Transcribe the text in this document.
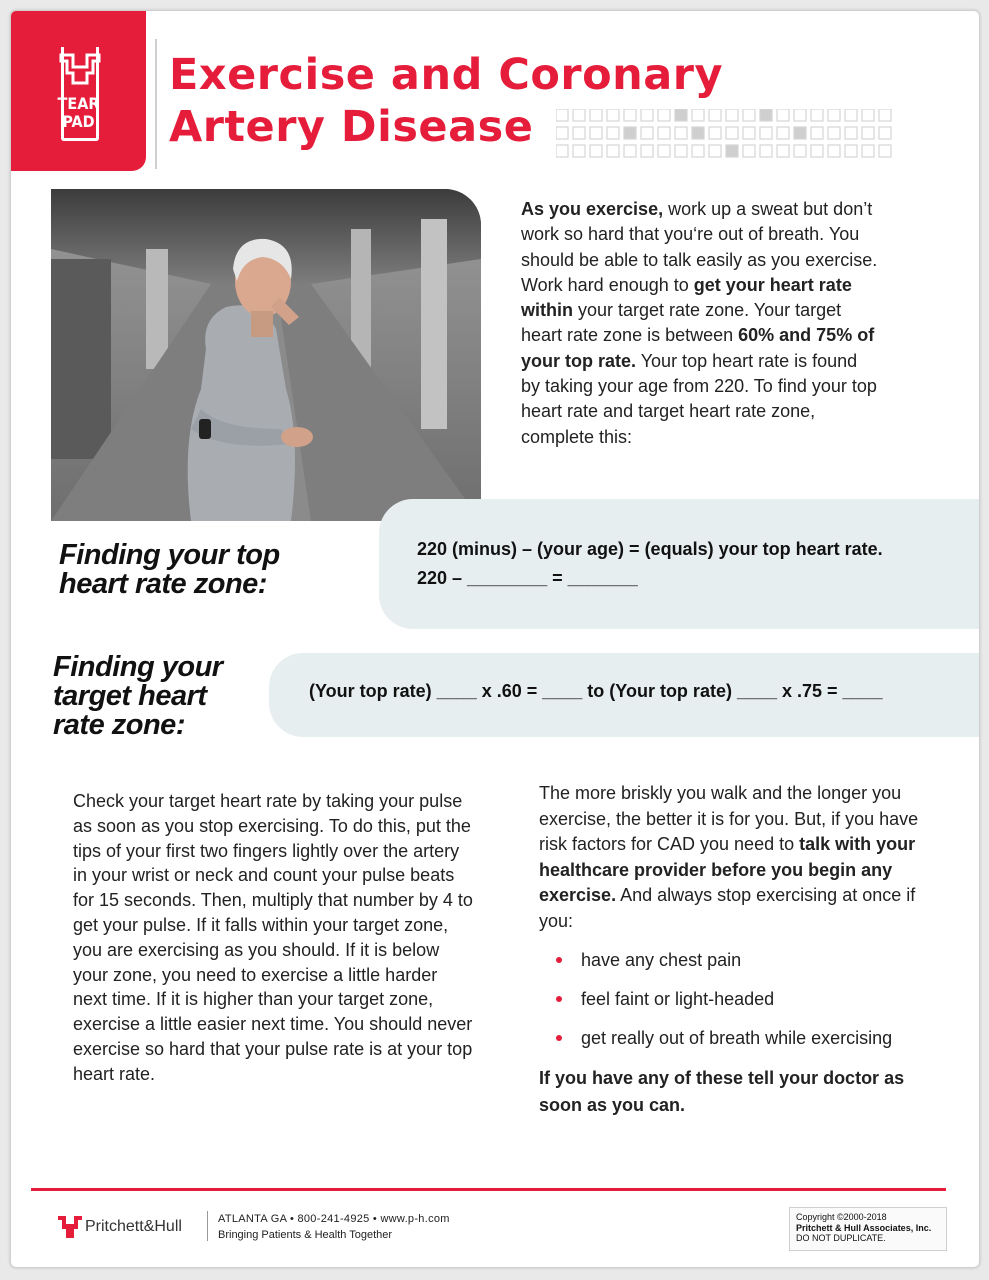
TEAR
PAD
Exercise and Coronary
Artery Disease
As you exercise, work up a sweat but don’t work so hard that you‘re out of breath. You should be able to talk easily as you exercise. Work hard enough to get your heart rate within your target rate zone. Your target heart rate zone is between 60% and 75% of your top rate. Your top heart rate is found by taking your age from 220. To find your top heart rate and target heart rate zone, complete this:
Finding your top
heart rate zone:
220 (minus) – (your age) = (equals) your top heart rate.
220 – ________ = _______
Finding your
target heart
rate zone:
(Your top rate) ____ x .60 = ____ to (Your top rate) ____ x .75 = ____
Check your target heart rate by taking your pulse as soon as you stop exercising. To do this, put the tips of your first two fingers lightly over the artery in your wrist or neck and count your pulse beats for 15 seconds. Then, multiply that number by 4 to get your pulse. If it falls within your target zone, you are exercising as you should. If it is below your zone, you need to exercise a little harder next time. If it is higher than your target zone, exercise a little easier next time. You should never exercise so hard that your pulse rate is at your top heart rate.
The more briskly you walk and the longer you exercise, the better it is for you. But, if you have risk factors for CAD you need to talk with your healthcare provider before you begin any exercise. And always stop exercising at once if you:
have any chest pain
feel faint or light-headed
get really out of breath while exercising
If you have any of these tell your doctor as soon as you can.
Pritchett&Hull	ATLANTA GA • 800-241-4925 • www.p-h.com
Bringing Patients & Health Together
Copyright ©2000-2018
Pritchett & Hull Associates, Inc.
DO NOT DUPLICATE.
